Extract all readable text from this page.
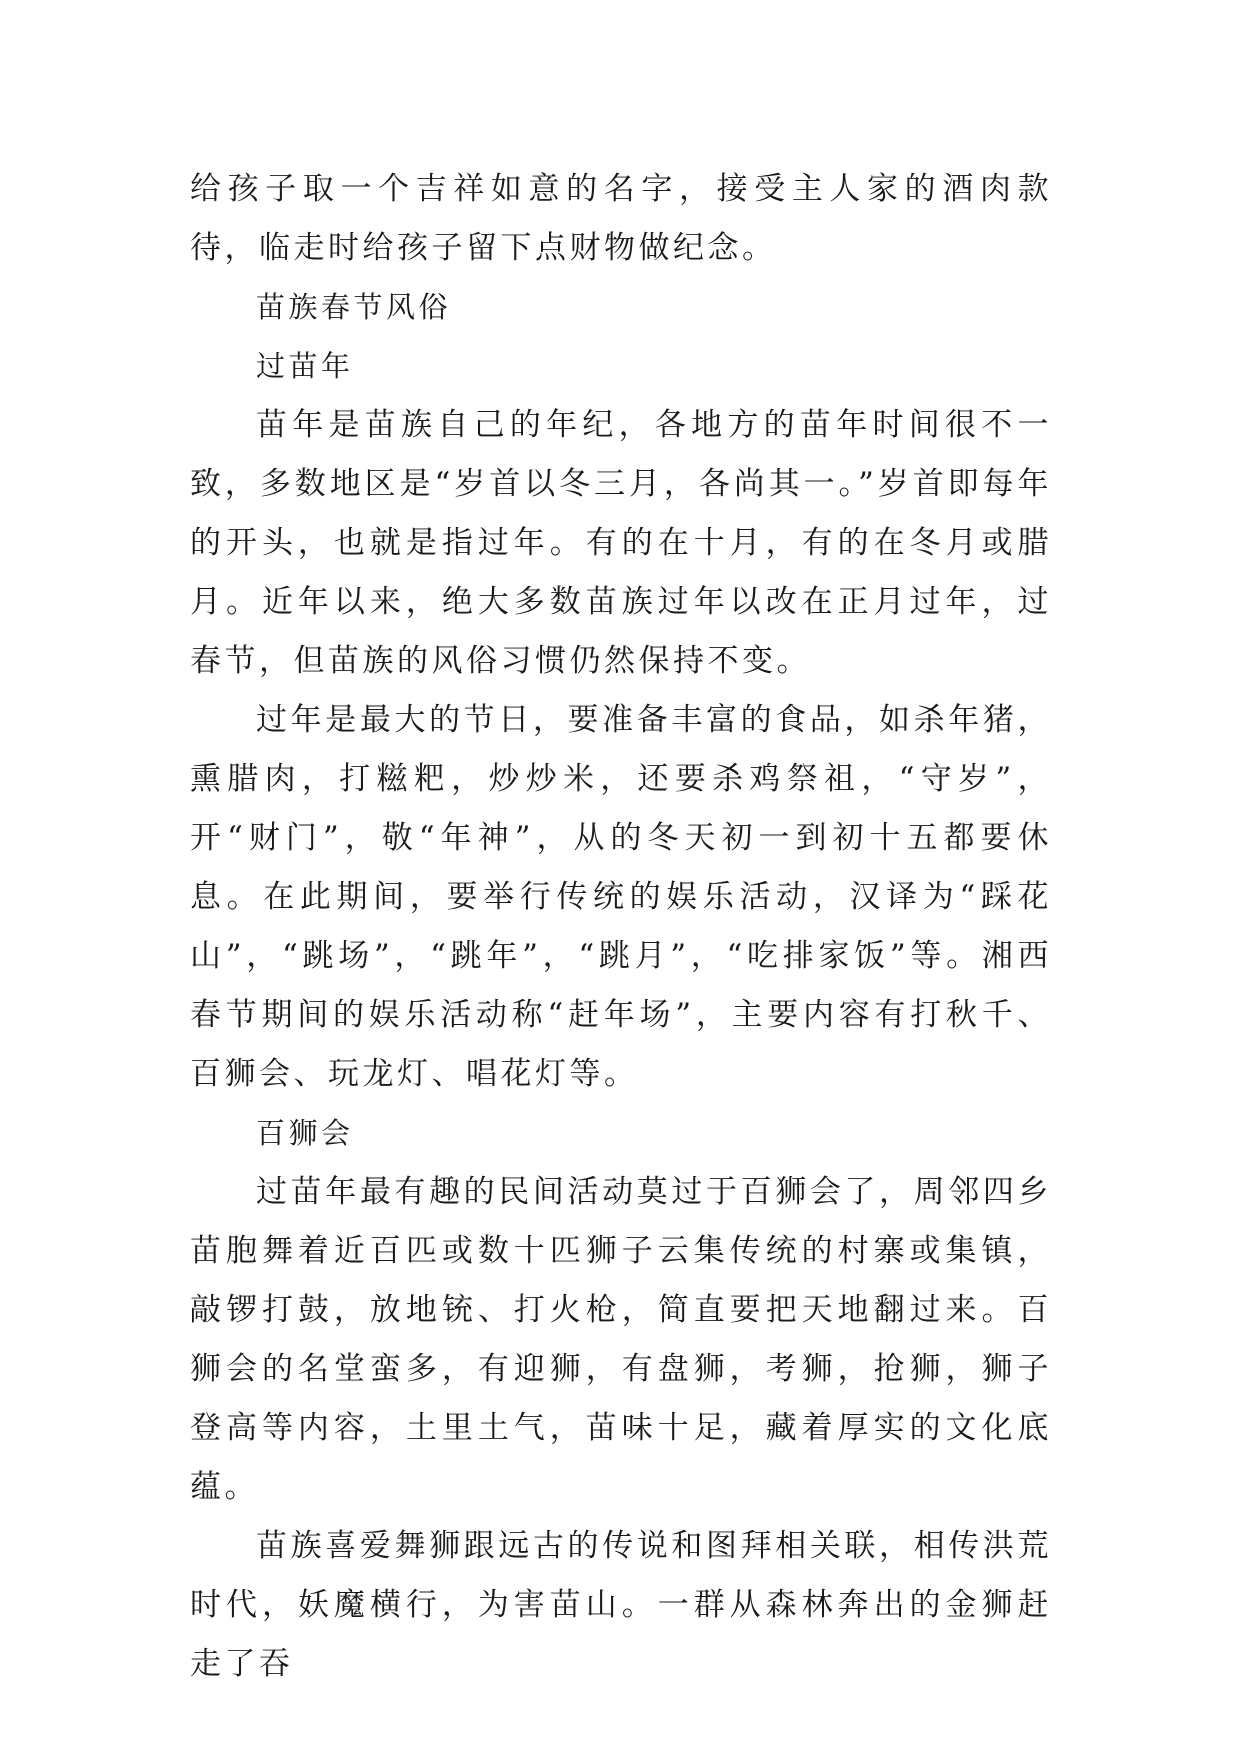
给孩子取一个吉祥如意的名字，接受主人家的酒肉款待，临走时给孩子留下点财物做纪念。

苗族春节风俗

过苗年

苗年是苗族自己的年纪，各地方的苗年时间很不一致，多数地区是“岁首以冬三月，各尚其一。”岁首即每年的开头，也就是指过年。有的在十月，有的在冬月或腊月。近年以来，绝大多数苗族过年以改在正月过年，过春节，但苗族的风俗习惯仍然保持不变。

过年是最大的节日，要准备丰富的食品，如杀年猪，熏腊肉，打糍粑，炒炒米，还要杀鸡祭祖，“守岁”，开“财门”，敬“年神”，从的冬天初一到初十五都要休息。在此期间，要举行传统的娱乐活动，汉译为“踩花山”，“跳场”，“跳年”，“跳月”，“吃排家饭”等。湘西春节期间的娱乐活动称“赶年场”，主要内容有打秋千、百狮会、玩龙灯、唱花灯等。

百狮会

过苗年最有趣的民间活动莫过于百狮会了，周邻四乡苗胞舞着近百匹或数十匹狮子云集传统的村寨或集镇，敲锣打鼓，放地铳、打火枪，简直要把天地翻过来。百狮会的名堂蛮多，有迎狮，有盘狮，考狮，抢狮，狮子登高等内容，土里土气，苗味十足，藏着厚实的文化底蕴。

苗族喜爱舞狮跟远古的传说和图拜相关联，相传洪荒时代，妖魔横行，为害苗山。一群从森林奔出的金狮赶走了吞
